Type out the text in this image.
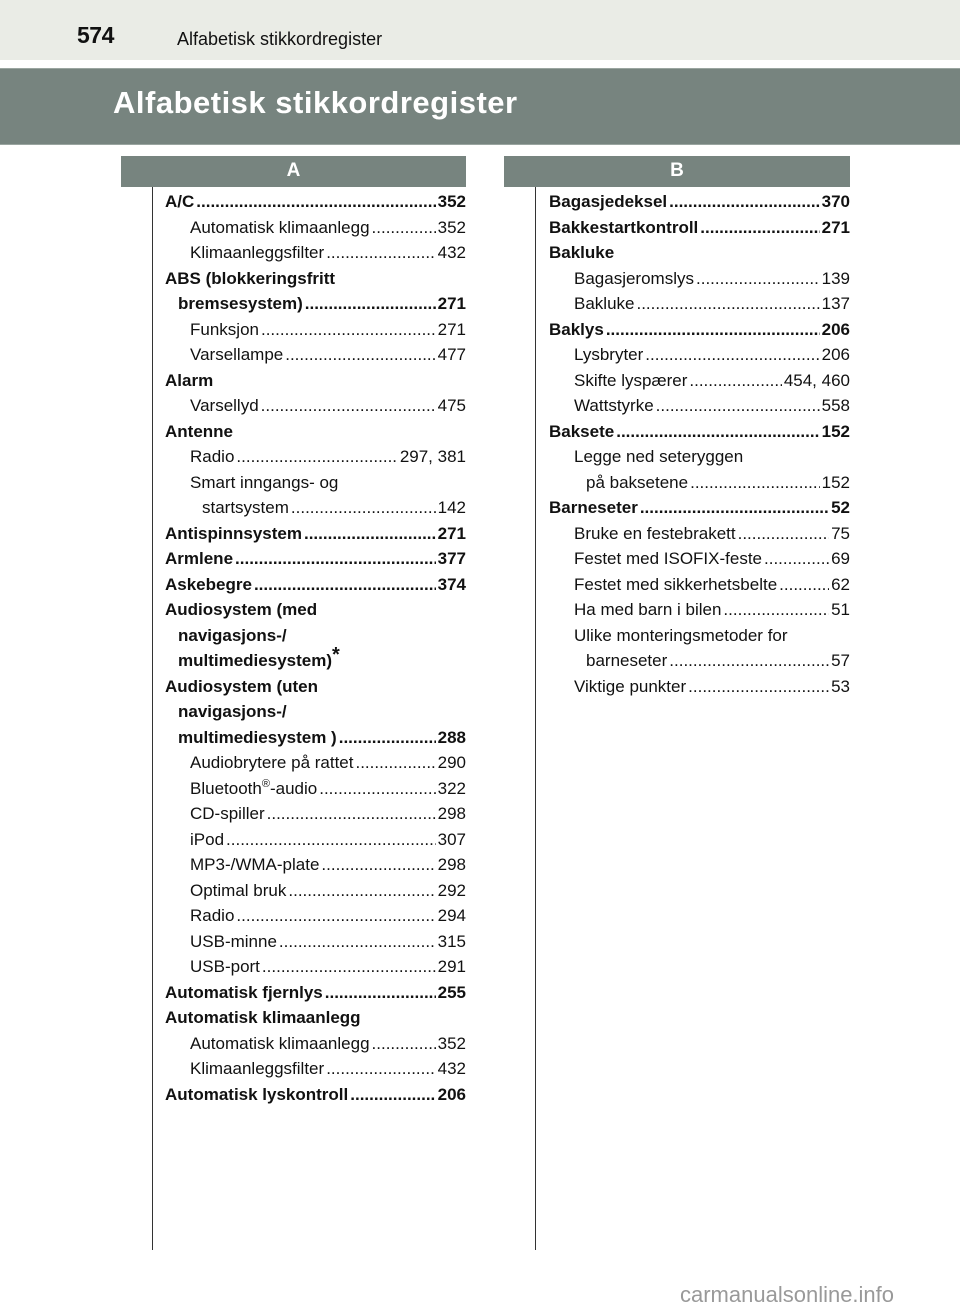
574	Alfabetisk stikkordregister
Alfabetisk stikkordregister
A	B
A/C .....	352
Automatisk klimaanlegg .....	352
Klimaanleggsfilter .....	432
ABS (blokkeringsfritt
bremsesystem) .....	271
Funksjon .....	271
Varsellampe .....	477
Alarm
Varsellyd .....	475
Antenne
Radio .....	297, 381
Smart inngangs- og
startsystem .....	142
Antispinnsystem .....	271
Armlene .....	377
Askebegre .....	374
Audiosystem (med
navigasjons-/
multimediesystem)*
Audiosystem (uten
navigasjons-/
multimediesystem ) .....	288
Audiobrytere på rattet .....	290
Bluetooth®-audio .....	322
CD-spiller .....	298
iPod .....	307
MP3-/WMA-plate .....	298
Optimal bruk .....	292
Radio .....	294
USB-minne .....	315
USB-port .....	291
Automatisk fjernlys .....	255
Automatisk klimaanlegg
Automatisk klimaanlegg .....	352
Klimaanleggsfilter .....	432
Automatisk lyskontroll .....	206
Bagasjedeksel .....	370
Bakkestartkontroll .....	271
Bakluke
Bagasjeromslys .....	139
Bakluke .....	137
Baklys .....	206
Lysbryter .....	206
Skifte lyspærer .....	454, 460
Wattstyrke .....	558
Baksete .....	152
Legge ned seteryggen
på baksetene .....	152
Barneseter .....	52
Bruke en festebrakett .....	75
Festet med ISOFIX-feste .....	69
Festet med sikkerhetsbelte .....	62
Ha med barn i bilen .....	51
Ulike monteringsmetoder for
barneseter .....	57
Viktige punkter .....	53
carmanualsonline.info
